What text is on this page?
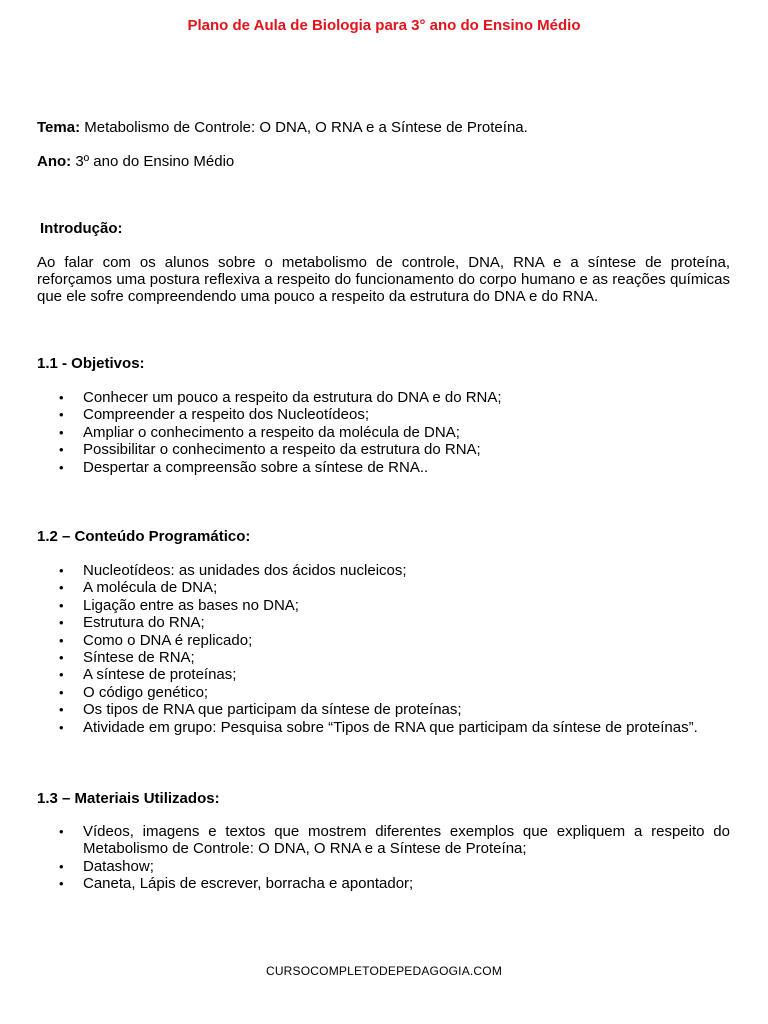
Plano de Aula de Biologia para 3° ano do Ensino Médio

Tema: Metabolismo de Controle: O DNA, O RNA e a Síntese de Proteína.

Ano: 3º ano do Ensino Médio

Introdução:

Ao falar com os alunos sobre o metabolismo de controle, DNA, RNA e a síntese de proteína, reforçamos uma postura reflexiva a respeito do funcionamento do corpo humano e as reações químicas que ele sofre compreendendo uma pouco a respeito da estrutura do DNA e do RNA.

1.1 - Objetivos:
• Conhecer um pouco a respeito da estrutura do DNA e do RNA;
• Compreender a respeito dos Nucleotídeos;
• Ampliar o conhecimento a respeito da molécula de DNA;
• Possibilitar o conhecimento a respeito da estrutura do RNA;
• Despertar a compreensão sobre a síntese de RNA..
1.2 – Conteúdo Programático:
• Nucleotídeos: as unidades dos ácidos nucleicos;
• A molécula de DNA;
• Ligação entre as bases no DNA;
• Estrutura do RNA;
• Como o DNA é replicado;
• Síntese de RNA;
• A síntese de proteínas;
• O código genético;
• Os tipos de RNA que participam da síntese de proteínas;
• Atividade em grupo: Pesquisa sobre “Tipos de RNA que participam da síntese de proteínas”.
1.3 – Materiais Utilizados:
• Vídeos, imagens e textos que mostrem diferentes exemplos que expliquem a respeito do Metabolismo de Controle: O DNA, O RNA e a Síntese de Proteína;
• Datashow;
• Caneta, Lápis de escrever, borracha e apontador;

CURSOCOMPLETODEPEDAGOGIA.COM
